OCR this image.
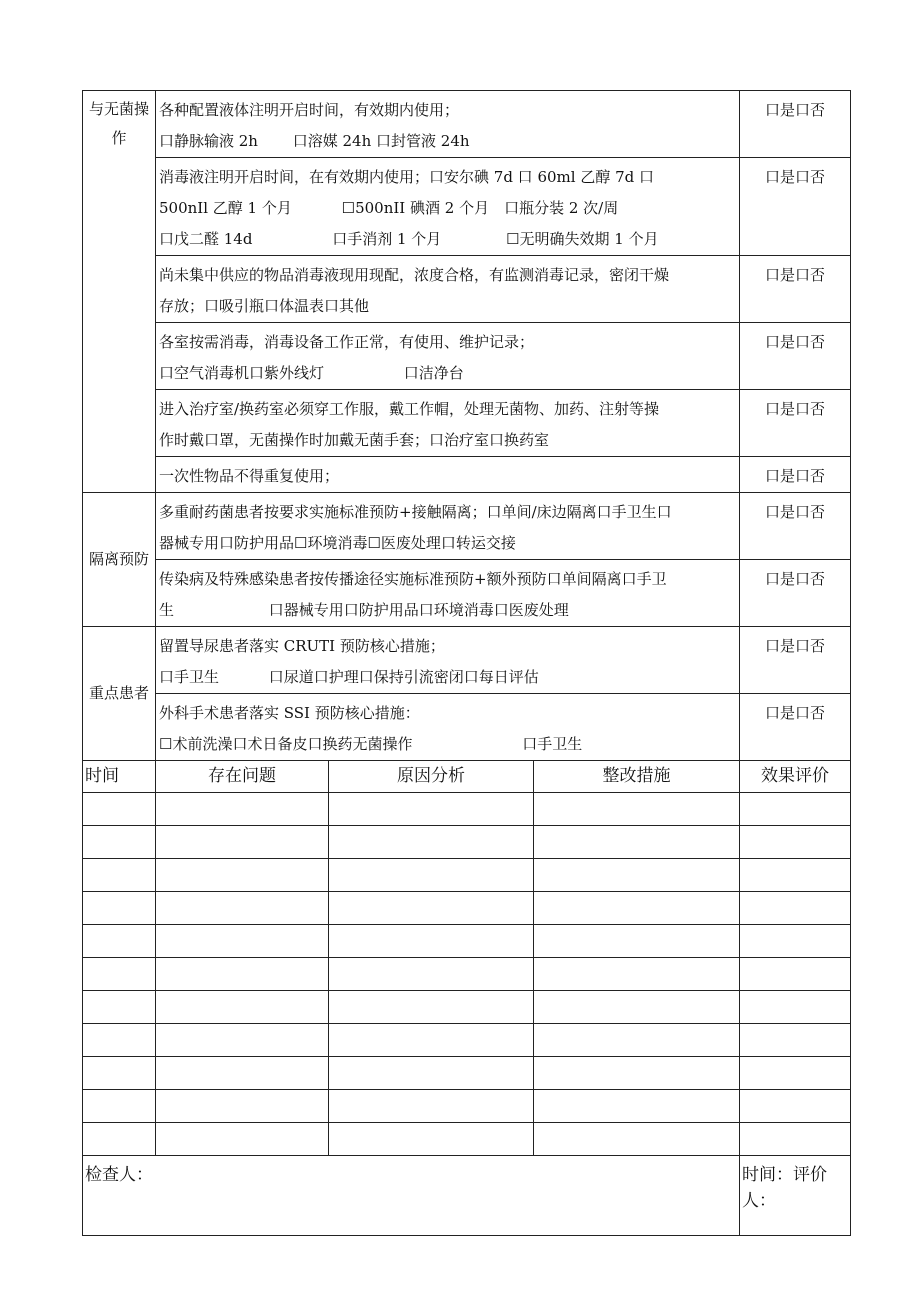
与无菌操作	各种配置液体注明开启时间，有效期内使用；
口静脉输液 2h　　 口溶媒 24h 口封管液 24h			口是口否

	消毒液注明开启时间，在有效期内使用；口安尔碘 7d 口 60ml 乙醇 7d 口
500nIl 乙醇 1 个月　　　 ☐500nII 碘酒 2 个月　口瓶分装 2 次/周
口戊二醛 14d　　　　　 口手消剂 1 个月　　　　 ☐无明确失效期 1 个月			口是口否

	尚未集中供应的物品消毒液现用现配，浓度合格，有监测消毒记录，密闭干燥
存放；口吸引瓶口体温表口其他			口是口否

	各室按需消毒，消毒设备工作正常，有使用、维护记录；
口空气消毒机口紫外线灯　　　　　 口洁净台			口是口否

	进入治疗室/换药室必须穿工作服，戴工作帽，处理无菌物、加药、注射等操
作时戴口罩，无菌操作时加戴无菌手套；口治疗室口换药室			口是口否

	一次性物品不得重复使用；			口是口否
隔离预防	多重耐药菌患者按要求实施标准预防+接触隔离；口单间/床边隔离口手卫生口
器械专用口防护用品☐环境消毒☐医废处理口转运交接			口是口否

	传染病及特殊感染患者按传播途径实施标准预防+额外预防口单间隔离口手卫
生　　　　　　 口器械专用口防护用品口环境消毒口医废处理			口是口否
重点患者	留置导尿患者落实 CRUTI 预防核心措施；
口手卫生　　　 口尿道口护理口保持引流密闭口每日评估			口是口否

	外科手术患者落实 SSI 预防核心措施：
☐术前洗澡口术日备皮口换药无菌操作　　　　　　　 口手卫生			口是口否
时间	存在问题	原因分析	整改措施	效果评价

检查人：				时间：评价人：
